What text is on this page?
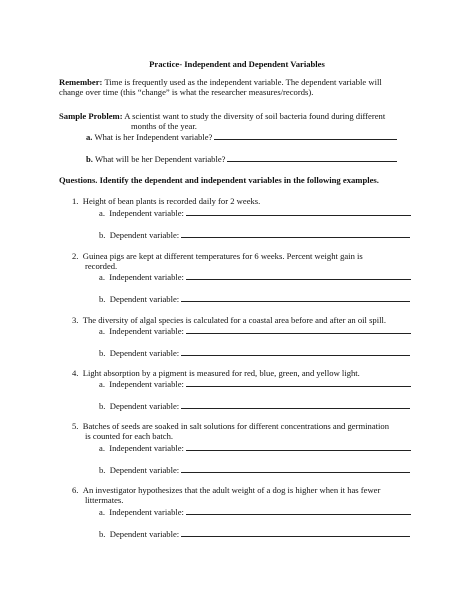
Practice- Independent and Dependent Variables
Remember: Time is frequently used as the independent variable. The dependent variable will
change over time (this “change” is what the researcher measures/records).
Sample Problem: A scientist want to study the diversity of soil bacteria found during different
months of the year.
a. What is her Independent variable?
b. What will be her Dependent variable?
Questions. Identify the dependent and independent variables in the following examples.
1. Height of bean plants is recorded daily for 2 weeks.
a. Independent variable:
b. Dependent variable:
2. Guinea pigs are kept at different temperatures for 6 weeks. Percent weight gain is
recorded.
a. Independent variable:
b. Dependent variable:
3. The diversity of algal species is calculated for a coastal area before and after an oil spill.
a. Independent variable:
b. Dependent variable:
4. Light absorption by a pigment is measured for red, blue, green, and yellow light.
a. Independent variable:
b. Dependent variable:
5. Batches of seeds are soaked in salt solutions for different concentrations and germination
is counted for each batch.
a. Independent variable:
b. Dependent variable:
6. An investigator hypothesizes that the adult weight of a dog is higher when it has fewer
littermates.
a. Independent variable:
b. Dependent variable:
